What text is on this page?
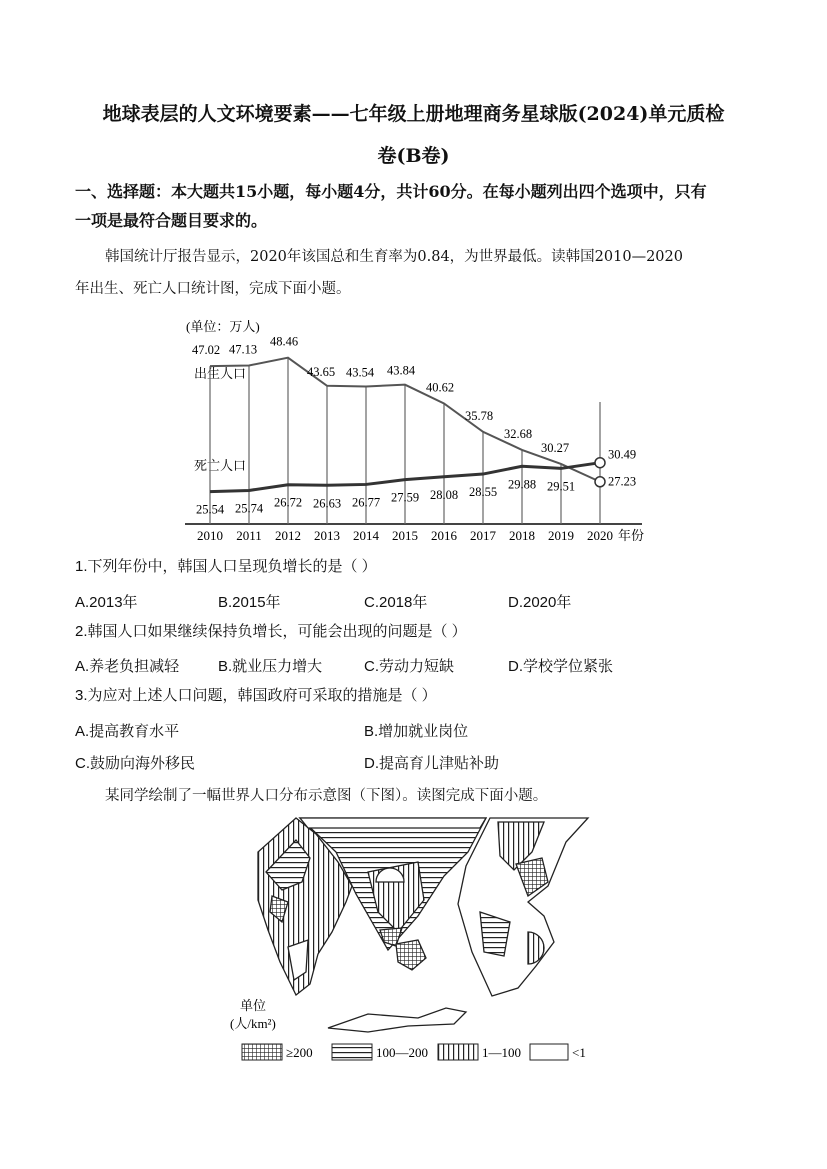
地球表层的人文环境要素——七年级上册地理商务星球版(2024)单元质检
卷(B卷)
一、选择题：本大题共15小题，每小题4分，共计60分。在每小题列出四个选项中，只有
一项是最符合题目要求的。
韩国统计厅报告显示，2020年该国总和生育率为0.84，为世界最低。读韩国2010—2020
年出生、死亡人口统计图，完成下面小题。
(单位：万人)
出生人口
死亡人口
47.02 47.13
48.46
43.65 43.54 43.84
40.62
35.78
32.68
30.27
27.23
25.54 25.74 26.72 26.63 26.77 27.59 28.08 28.55
29.88 29.51
30.49
2010 2011 2012 2013 2014 2015 2016 2017 2018 2019 2020 年份
1.下列年份中，韩国人口呈现负增长的是（ ）
A.2013年	B.2015年	C.2018年	D.2020年
2.韩国人口如果继续保持负增长，可能会出现的问题是（ ）
A.养老负担减轻	B.就业压力增大	C.劳动力短缺	D.学校学位紧张
3.为应对上述人口问题，韩国政府可采取的措施是（ ）
A.提高教育水平	B.增加就业岗位
C.鼓励向海外移民	D.提高育儿津贴补助
某同学绘制了一幅世界人口分布示意图（下图）。读图完成下面小题。
单位
(人/km²)
≥200	100—200	1—100	<1
